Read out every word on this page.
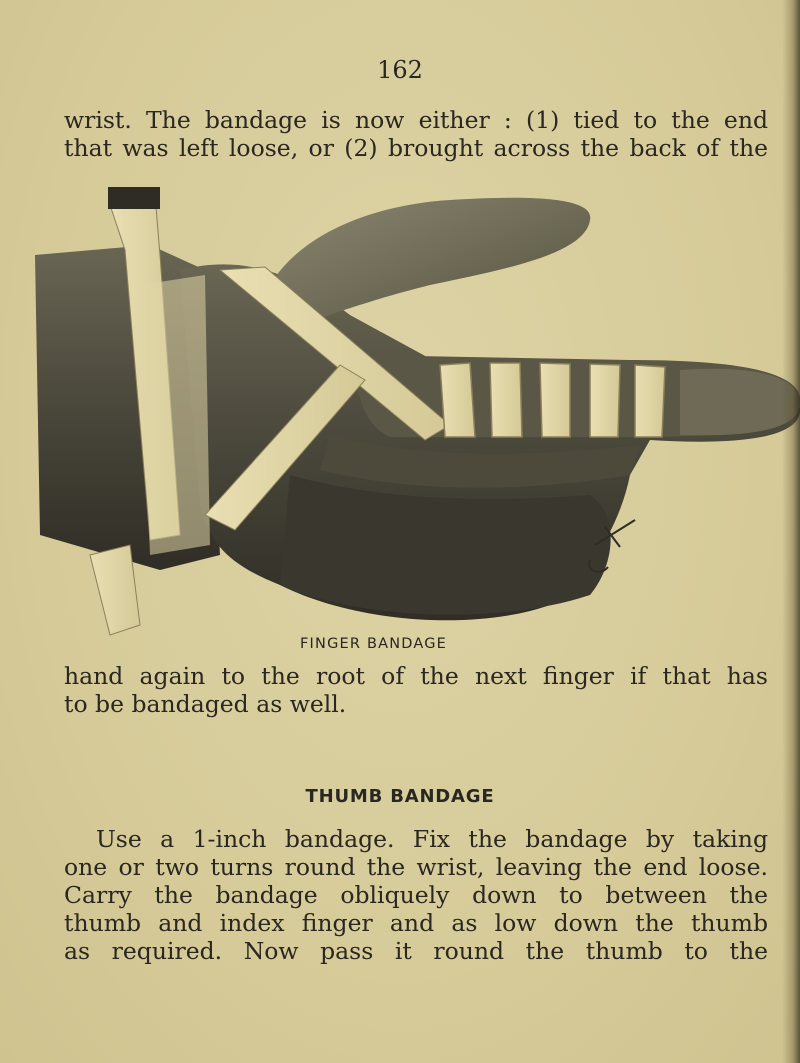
162
wrist. The bandage is now either : (1) tied to the end
that was left loose, or (2) brought across the back of the
FINGER BANDAGE
hand again to the root of the next finger if that has
to be bandaged as well.
THUMB BANDAGE
Use a 1-inch bandage. Fix the bandage by taking
one or two turns round the wrist, leaving the end loose.
Carry the bandage obliquely down to between the
thumb and index finger and as low down the thumb
as required. Now pass it round the thumb to the
